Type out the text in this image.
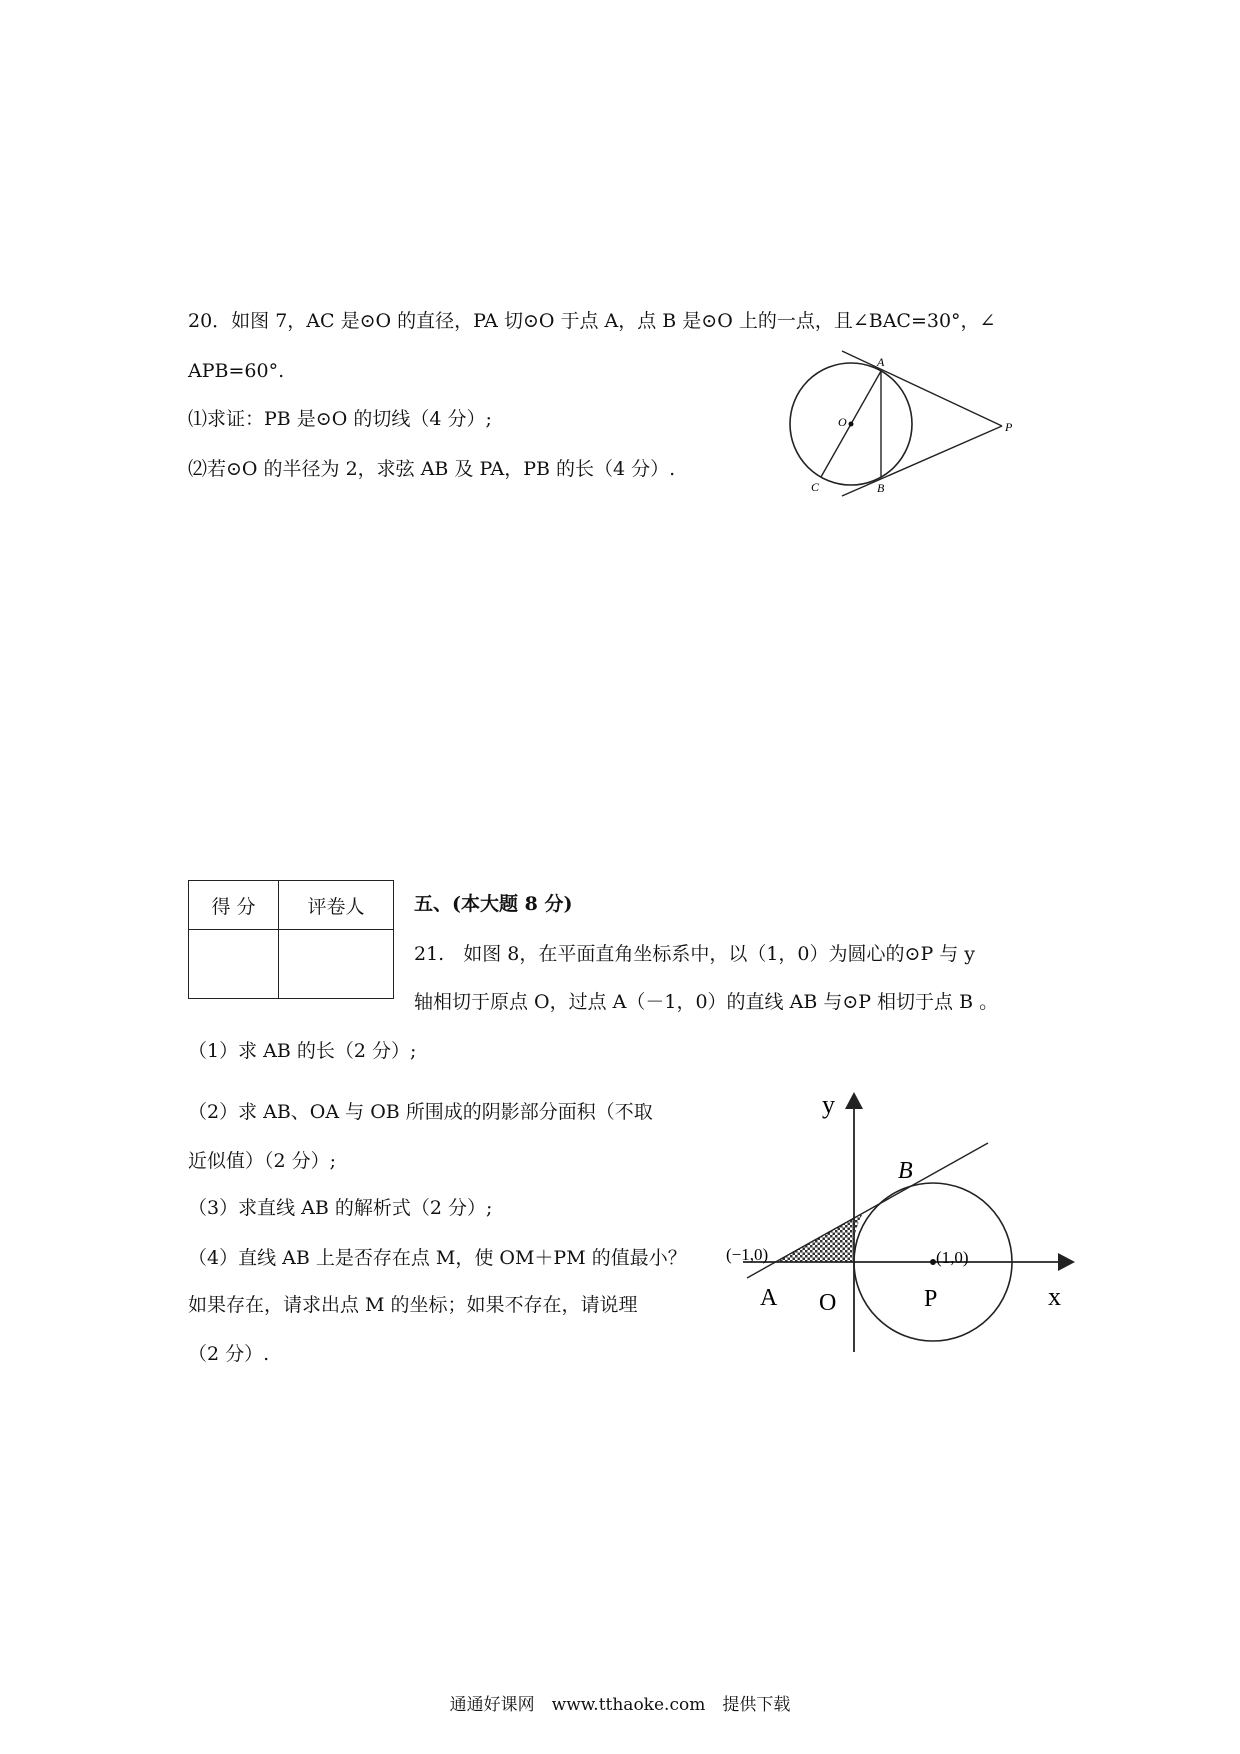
20．如图 7，AC 是⊙O 的直径，PA 切⊙O 于点 A，点 B 是⊙O 上的一点，且∠BAC=30°，∠
APB=60°.
⑴求证：PB 是⊙O 的切线（4 分）;
⑵若⊙O 的半径为 2，求弦 AB 及 PA，PB 的长（4 分）.
A
O	P
C	B
得 分	评卷人
		五、(本大题 8 分)
21.　如图 8，在平面直角坐标系中，以（1，0）为圆心的⊙P 与 y
轴相切于原点 O，过点 A（－1，0）的直线 AB 与⊙P 相切于点 B 。
（1）求 AB 的长（2 分）;
（2）求 AB、OA 与 OB 所围成的阴影部分面积（不取
近似值）（2 分）;
（3）求直线 AB 的解析式（2 分）;
（4）直线 AB 上是否存在点 M，使 OM＋PM 的值最小？
如果存在，请求出点 M 的坐标；如果不存在，请说理
（2 分）.
y
x
B
(−1,0)	(1,0)
A O	P
通通好课网　www.tthaoke.com　提供下载
